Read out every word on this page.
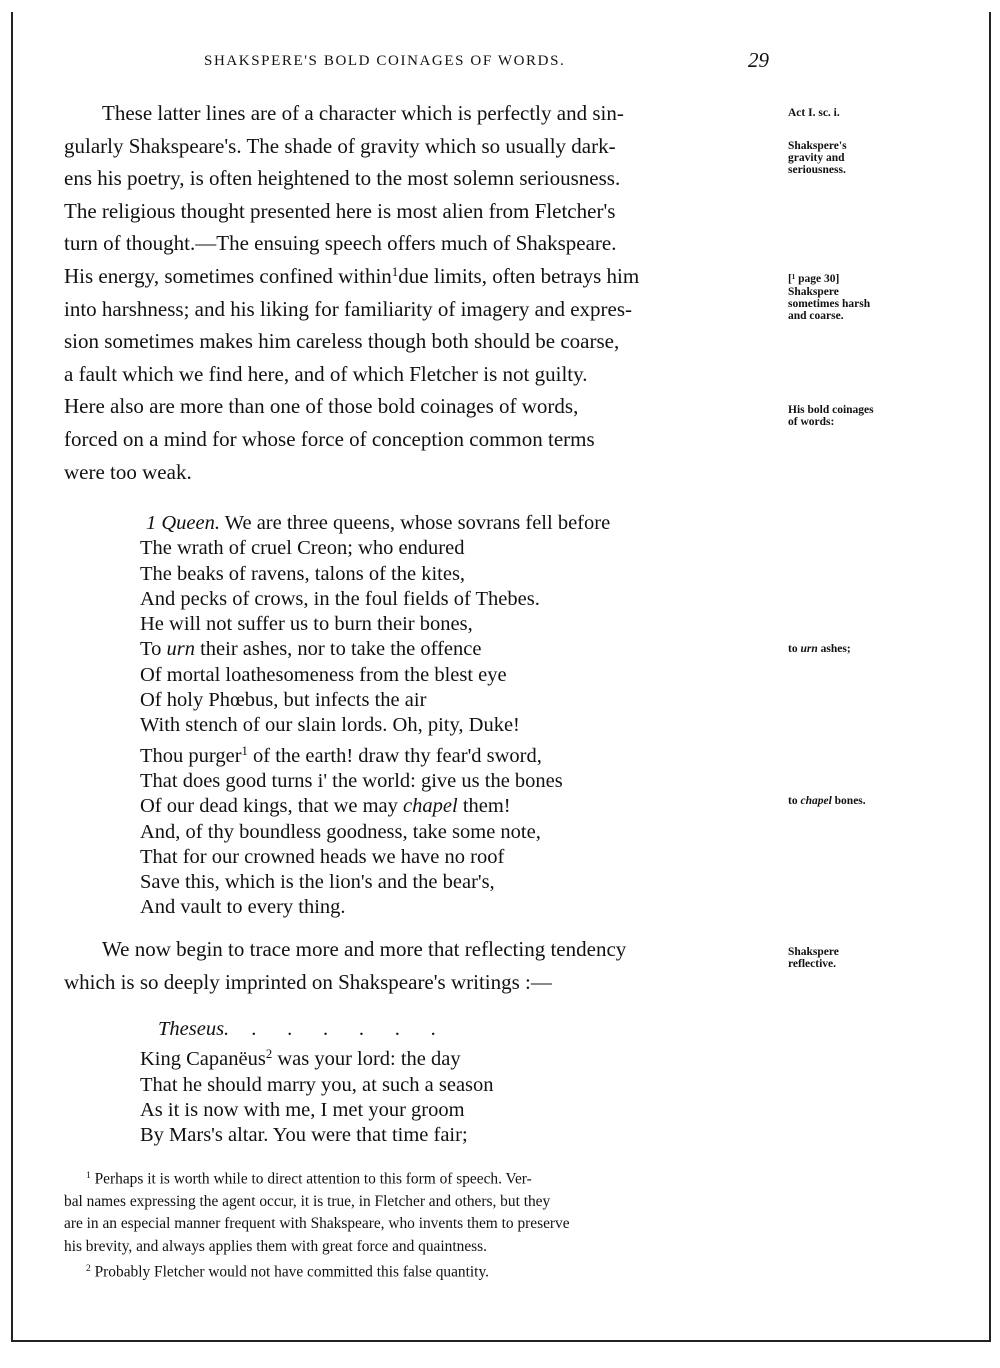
SHAKSPERE'S BOLD COINAGES OF WORDS.	29
These latter lines are of a character which is perfectly and sin-
gularly Shakspeare's. The shade of gravity which so usually dark-
ens his poetry, is often heightened to the most solemn seriousness.
The religious thought presented here is most alien from Fletcher's
turn of thought.—The ensuing speech offers much of Shakspeare.
His energy, sometimes confined within$^1$due limits, often betrays him
into harshness; and his liking for familiarity of imagery and expres-
sion sometimes makes him careless though both should be coarse,
a fault which we find here, and of which Fletcher is not guilty.
Here also are more than one of those bold coinages of words,
forced on a mind for whose force of conception common terms
were too weak.
1 Queen. We are three queens, whose sovrans fell before
The wrath of cruel Creon; who endured
The beaks of ravens, talons of the kites,
And pecks of crows, in the foul fields of Thebes.
He will not suffer us to burn their bones,
To urn their ashes, nor to take the offence
Of mortal loathesomeness from the blest eye
Of holy Phœbus, but infects the air
With stench of our slain lords. Oh, pity, Duke!
Thou purger$^1$ of the earth! draw thy fear'd sword,
That does good turns i' the world: give us the bones
Of our dead kings, that we may chapel them!
And, of thy boundless goodness, take some note,
That for our crowned heads we have no roof
Save this, which is the lion's and the bear's,
And vault to every thing.
We now begin to trace more and more that reflecting tendency
which is so deeply imprinted on Shakspeare's writings :—
Theseus. .      .      .      .      .      .
King Capanëus$^2$ was your lord: the day
That he should marry you, at such a season
As it is now with me, I met your groom
By Mars's altar. You were that time fair;
Act I. sc. i.
Shakspere's
gravity and
seriousness.
[¹ page 30]
Shakspere
sometimes harsh
and coarse.
His bold coinages
of words:
to urn ashes;
to chapel bones.
Shakspere
reflective.

$^1$ Perhaps it is worth while to direct attention to this form of speech. Ver-
bal names expressing the agent occur, it is true, in Fletcher and others, but they
are in an especial manner frequent with Shakspeare, who invents them to preserve
his brevity, and always applies them with great force and quaintness.

$^2$ Probably Fletcher would not have committed this false quantity.
